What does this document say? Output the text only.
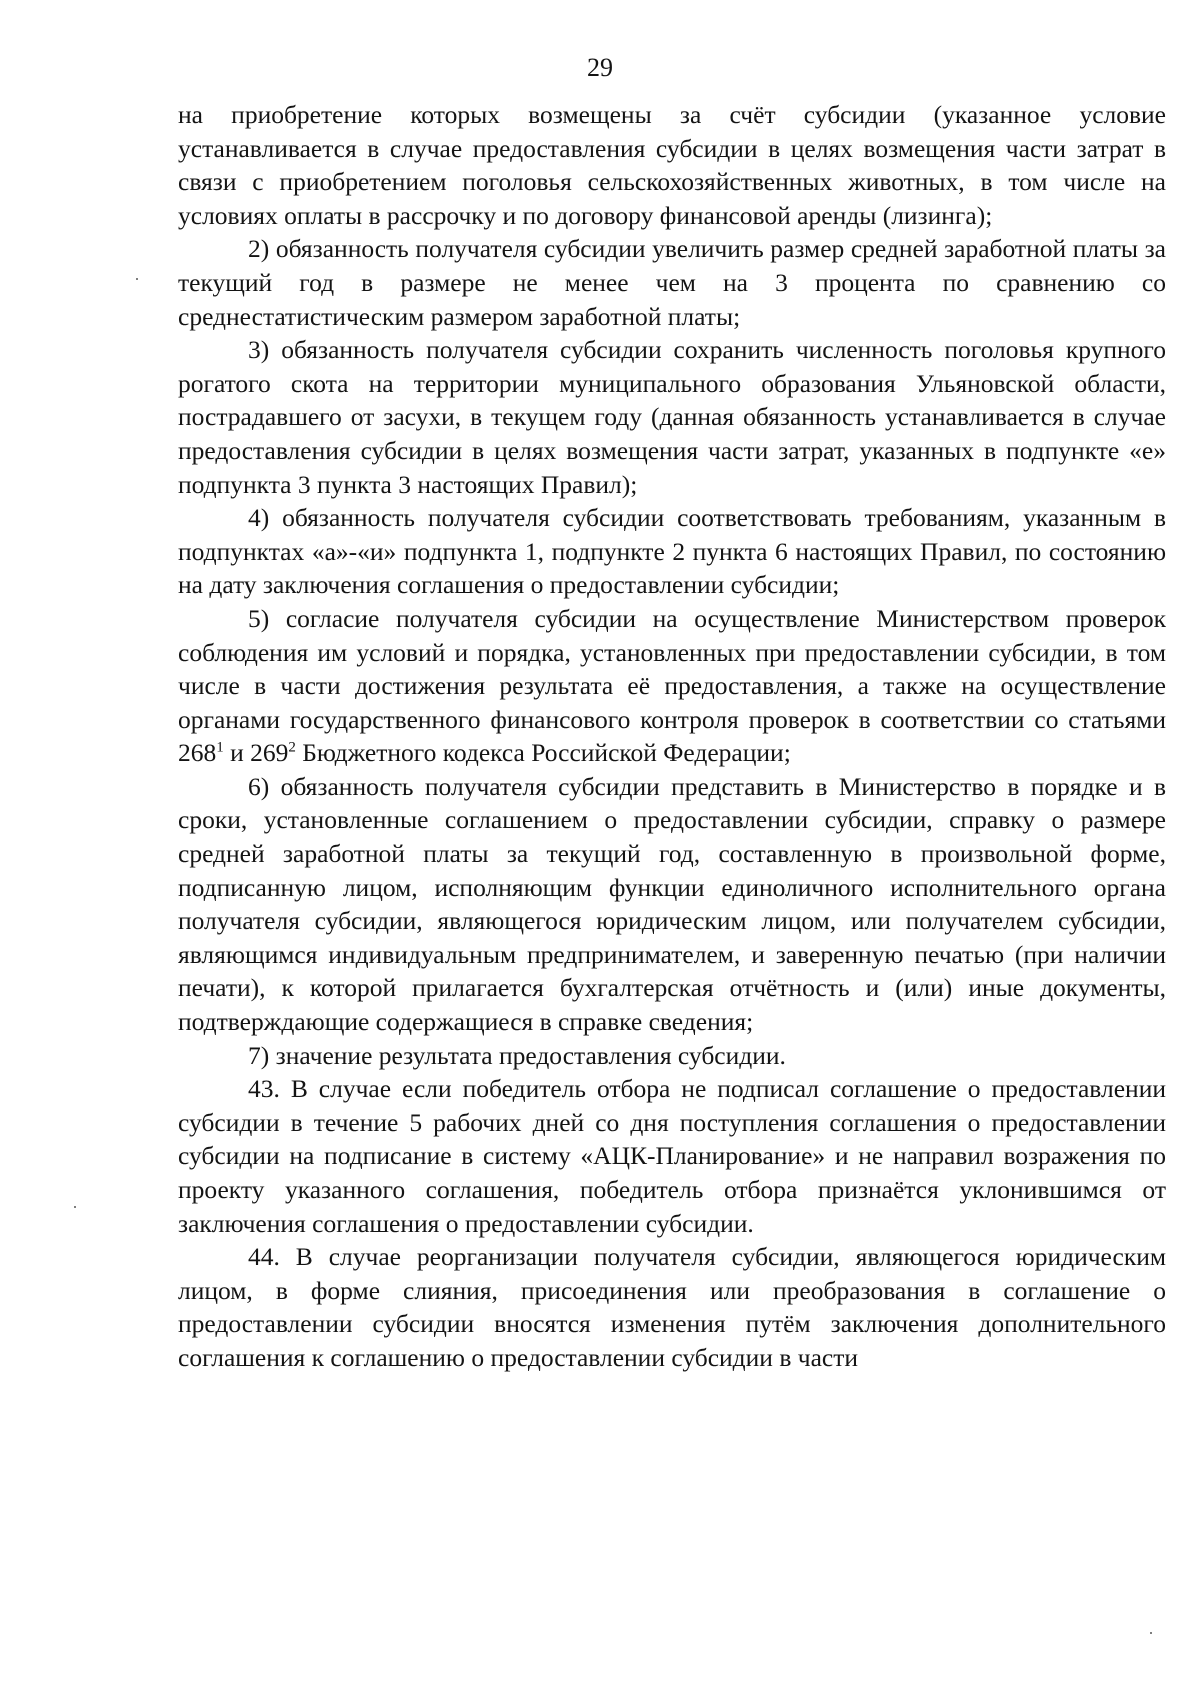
29

на приобретение которых возмещены за счёт субсидии (указанное условие устанавливается в случае предоставления субсидии в целях возмещения части затрат в связи с приобретением поголовья сельскохозяйственных животных, в том числе на условиях оплаты в рассрочку и по договору финансовой аренды (лизинга);

2) обязанность получателя субсидии увеличить размер средней заработной платы за текущий год в размере не менее чем на 3 процента по сравнению со среднестатистическим размером заработной платы;

3) обязанность получателя субсидии сохранить численность поголовья крупного рогатого скота на территории муниципального образования Ульяновской области, пострадавшего от засухи, в текущем году (данная обязанность устанавливается в случае предоставления субсидии в целях возмещения части затрат, указанных в подпункте «е» подпункта 3 пункта 3 настоящих Правил);

4) обязанность получателя субсидии соответствовать требованиям, указанным в подпунктах «а»-«и» подпункта 1, подпункте 2 пункта 6 настоящих Правил, по состоянию на дату заключения соглашения о предоставлении субсидии;

5) согласие получателя субсидии на осуществление Министерством проверок соблюдения им условий и порядка, установленных при предоставлении субсидии, в том числе в части достижения результата её предоставления, а также на осуществление органами государственного финансового контроля проверок в соответствии со статьями $268^1$ и $269^2$ Бюджетного кодекса Российской Федерации;

6) обязанность получателя субсидии представить в Министерство в порядке и в сроки, установленные соглашением о предоставлении субсидии, справку о размере средней заработной платы за текущий год, составленную в произвольной форме, подписанную лицом, исполняющим функции единоличного исполнительного органа получателя субсидии, являющегося юридическим лицом, или получателем субсидии, являющимся индивидуальным предпринимателем, и заверенную печатью (при наличии печати), к которой прилагается бухгалтерская отчётность и (или) иные документы, подтверждающие содержащиеся в справке сведения;

7) значение результата предоставления субсидии.

43. В случае если победитель отбора не подписал соглашение о предоставлении субсидии в течение 5 рабочих дней со дня поступления соглашения о предоставлении субсидии на подписание в систему «АЦК-Планирование» и не направил возражения по проекту указанного соглашения, победитель отбора признаётся уклонившимся от заключения соглашения о предоставлении субсидии.

44. В случае реорганизации получателя субсидии, являющегося юридическим лицом, в форме слияния, присоединения или преобразования в соглашение о предоставлении субсидии вносятся изменения путём заключения дополнительного соглашения к соглашению о предоставлении субсидии в части
